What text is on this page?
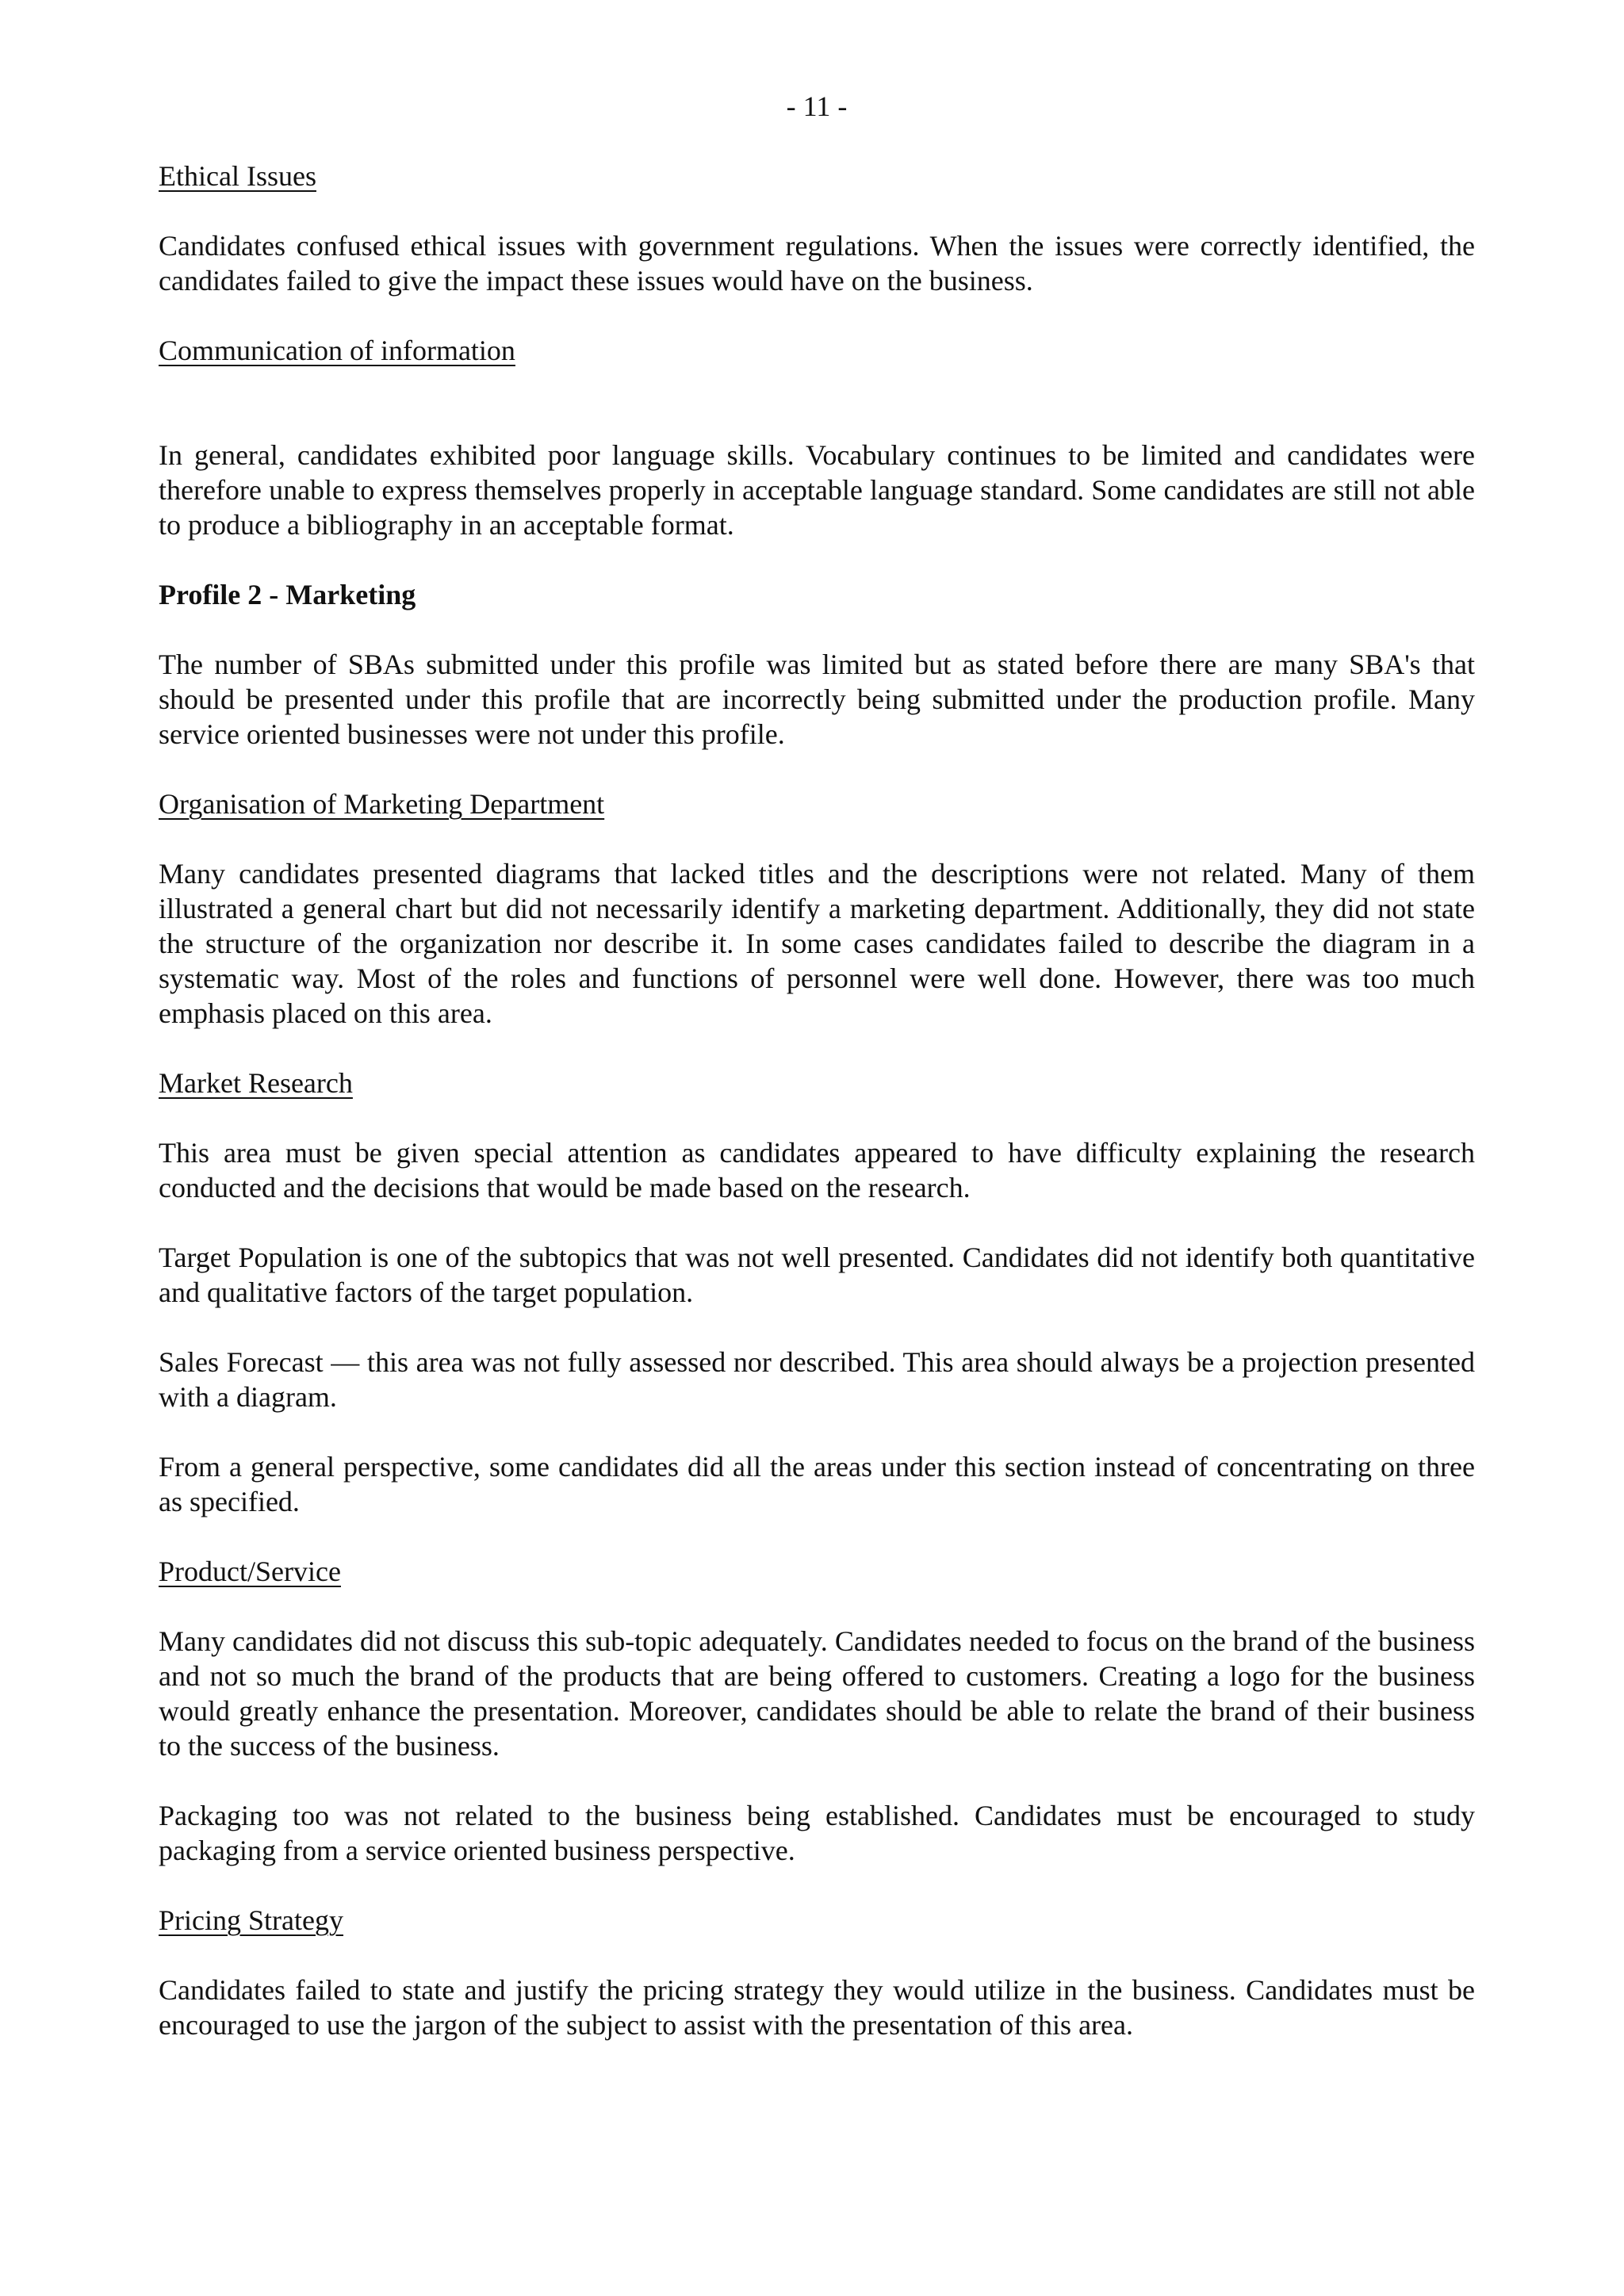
- 11 -
Ethical Issues

Candidates confused ethical issues with government regulations. When the issues were correctly identified, the candidates failed to give the impact these issues would have on the business.

Communication of information

In general, candidates exhibited poor language skills. Vocabulary continues to be limited and candidates were therefore unable to express themselves properly in acceptable language standard. Some candidates are still not able to produce a bibliography in an acceptable format.

Profile 2 - Marketing

The number of SBAs submitted under this profile was limited but as stated before there are many SBA's that should be presented under this profile that are incorrectly being submitted under the production profile. Many service oriented businesses were not under this profile.

Organisation of Marketing Department

Many candidates presented diagrams that lacked titles and the descriptions were not related. Many of them illustrated a general chart but did not necessarily identify a marketing department. Additionally, they did not state the structure of the organization nor describe it. In some cases candidates failed to describe the diagram in a systematic way. Most of the roles and functions of personnel were well done. However, there was too much emphasis placed on this area.

Market Research

This area must be given special attention as candidates appeared to have difficulty explaining the research conducted and the decisions that would be made based on the research.

Target Population is one of the subtopics that was not well presented. Candidates did not identify both quantitative and qualitative factors of the target population.

Sales Forecast — this area was not fully assessed nor described. This area should always be a projection presented with a diagram.

From a general perspective, some candidates did all the areas under this section instead of concentrating on three as specified.

Product/Service

Many candidates did not discuss this sub-topic adequately. Candidates needed to focus on the brand of the business and not so much the brand of the products that are being offered to customers. Creating a logo for the business would greatly enhance the presentation. Moreover, candidates should be able to relate the brand of their business to the success of the business.

Packaging too was not related to the business being established. Candidates must be encouraged to study packaging from a service oriented business perspective.

Pricing Strategy

Candidates failed to state and justify the pricing strategy they would utilize in the business. Candidates must be encouraged to use the jargon of the subject to assist with the presentation of this area.
